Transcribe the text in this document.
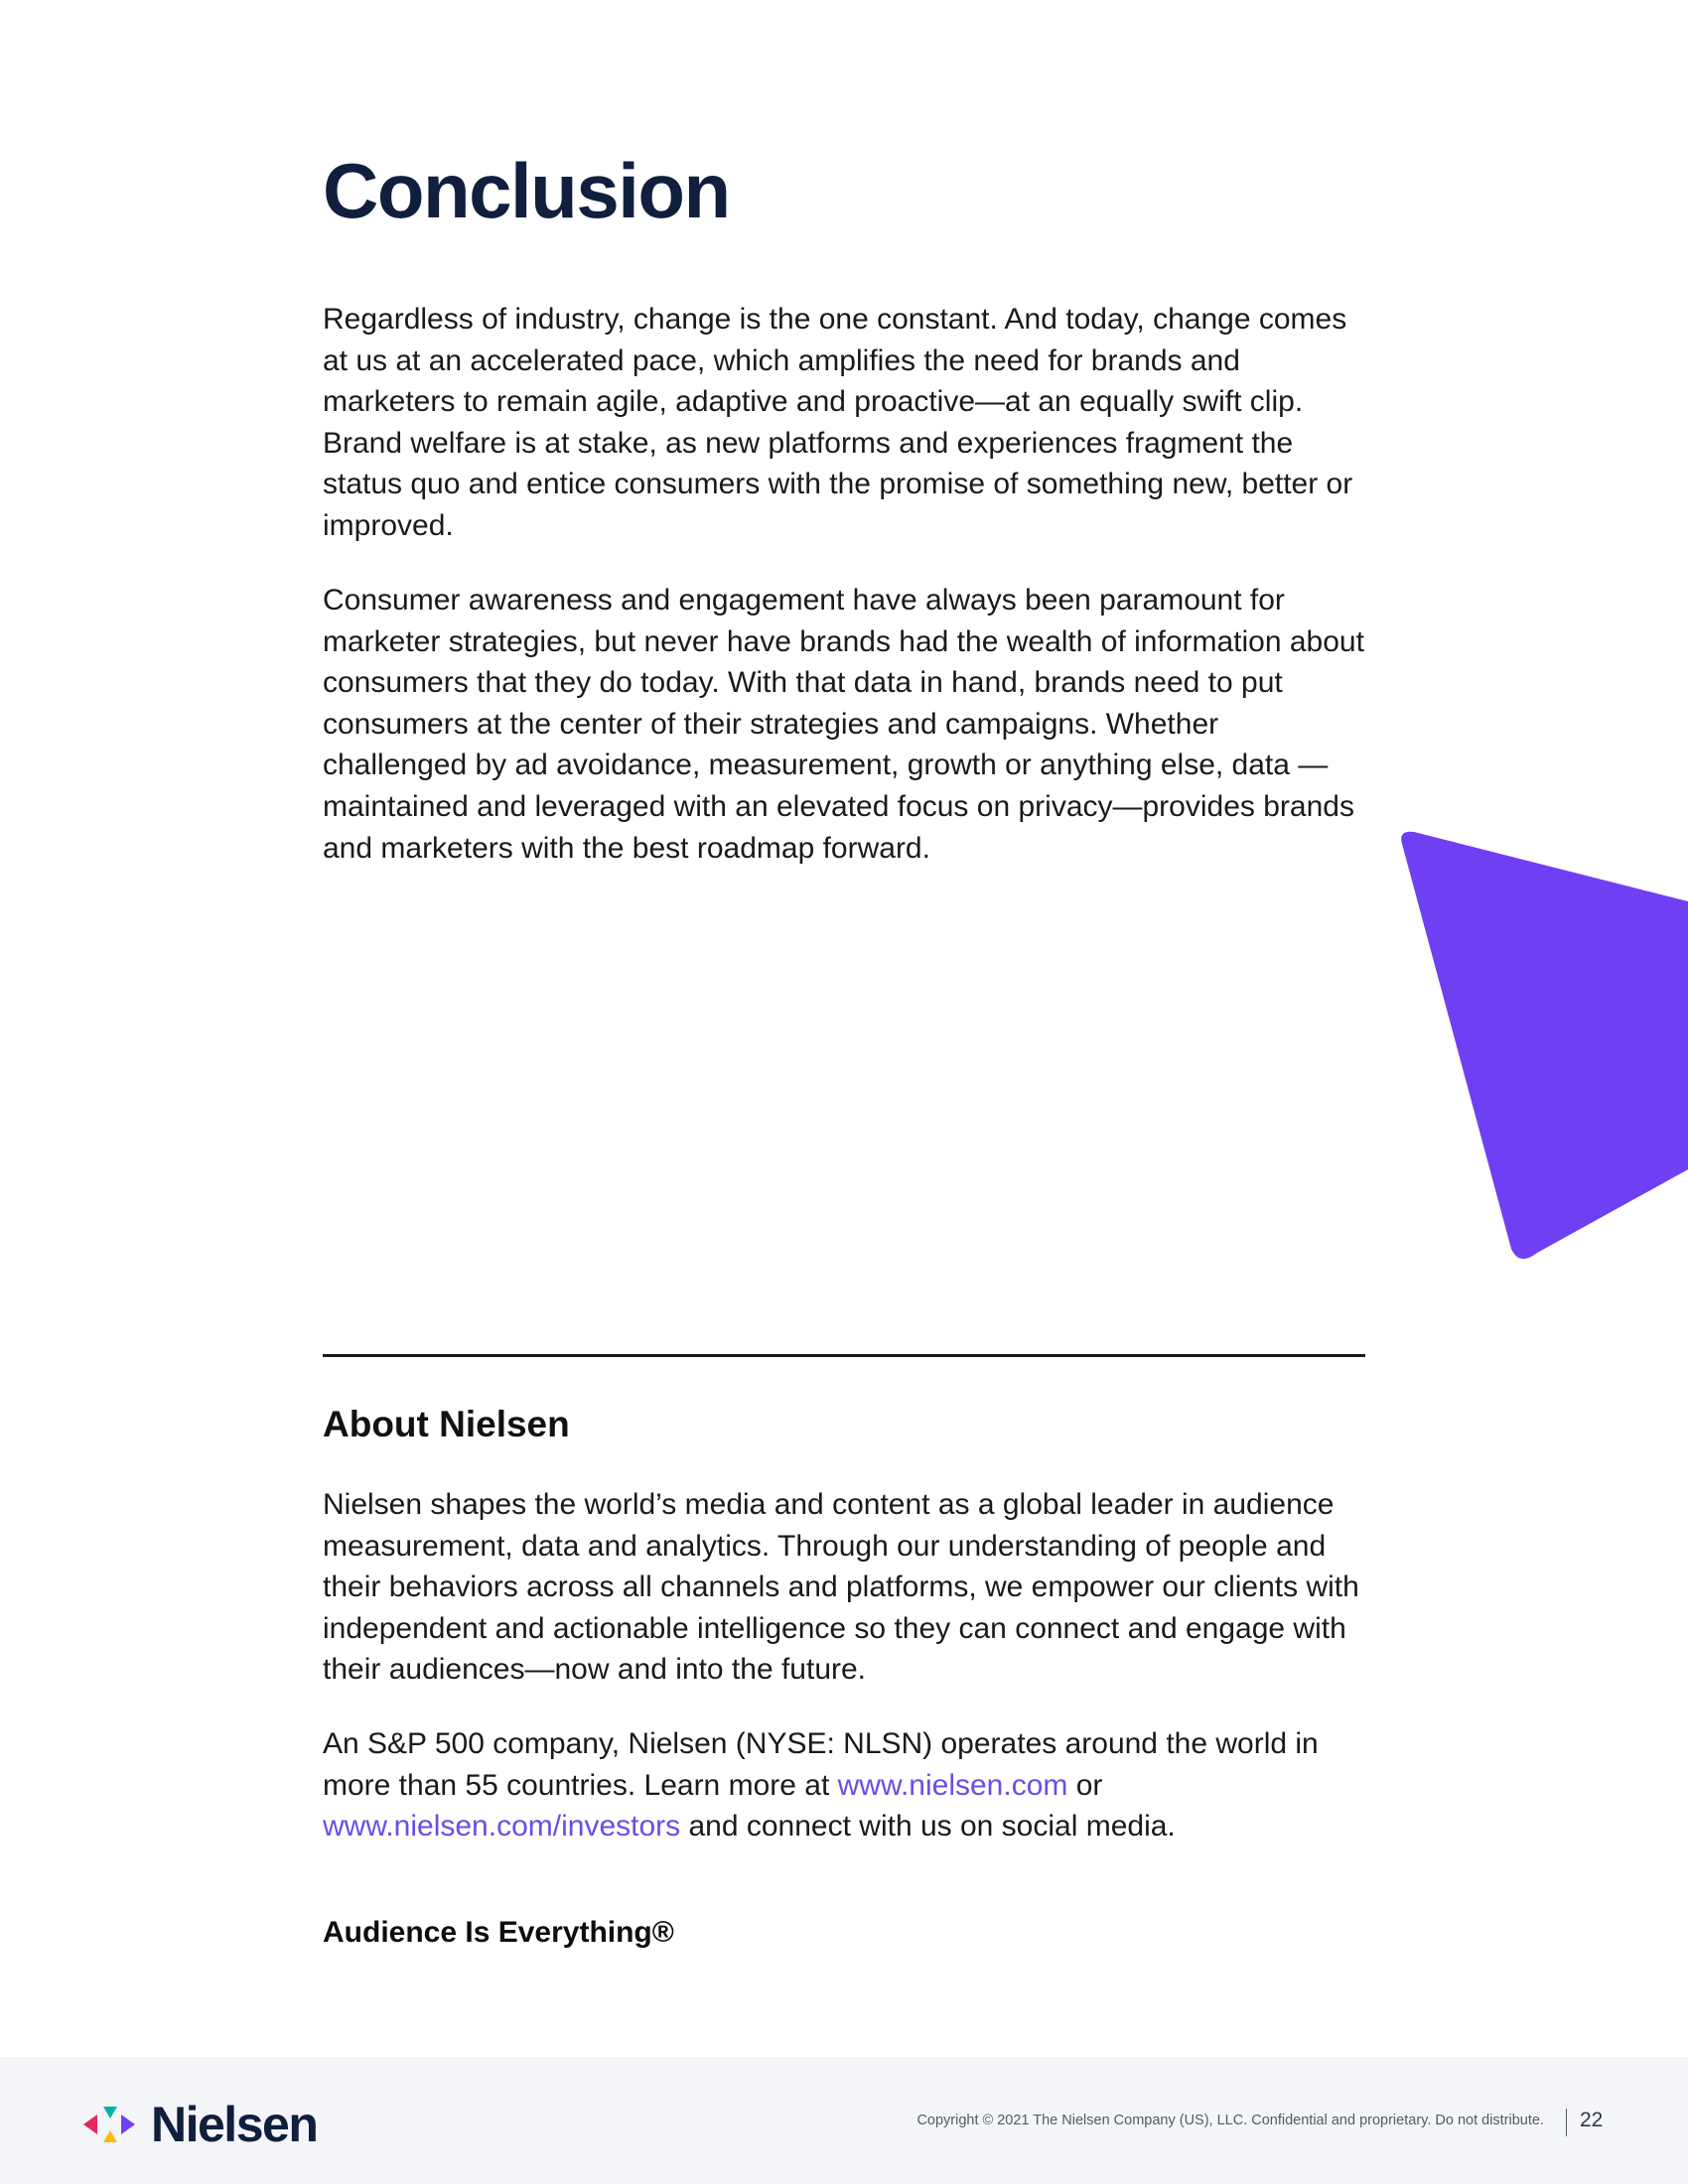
Conclusion

Regardless of industry, change is the one constant. And today, change comes at us at an accelerated pace, which amplifies the need for brands and marketers to remain agile, adaptive and proactive—at an equally swift clip. Brand welfare is at stake, as new platforms and experiences fragment the status quo and entice consumers with the promise of something new, better or improved.

Consumer awareness and engagement have always been paramount for marketer strategies, but never have brands had the wealth of information about consumers that they do today. With that data in hand, brands need to put consumers at the center of their strategies and campaigns. Whether challenged by ad avoidance, measurement, growth or anything else, data —maintained and leveraged with an elevated focus on privacy—provides brands and marketers with the best roadmap forward.

About Nielsen

Nielsen shapes the world’s media and content as a global leader in audience measurement, data and analytics. Through our understanding of people and their behaviors across all channels and platforms, we empower our clients with independent and actionable intelligence so they can connect and engage with their audiences—now and into the future.

An S&P 500 company, Nielsen (NYSE: NLSN) operates around the world in more than 55 countries. Learn more at www.nielsen.com or www.nielsen.com/investors and connect with us on social media.

Audience Is Everything®

Nielsen	Copyright © 2021 The Nielsen Company (US), LLC. Confidential and proprietary. Do not distribute. 22
